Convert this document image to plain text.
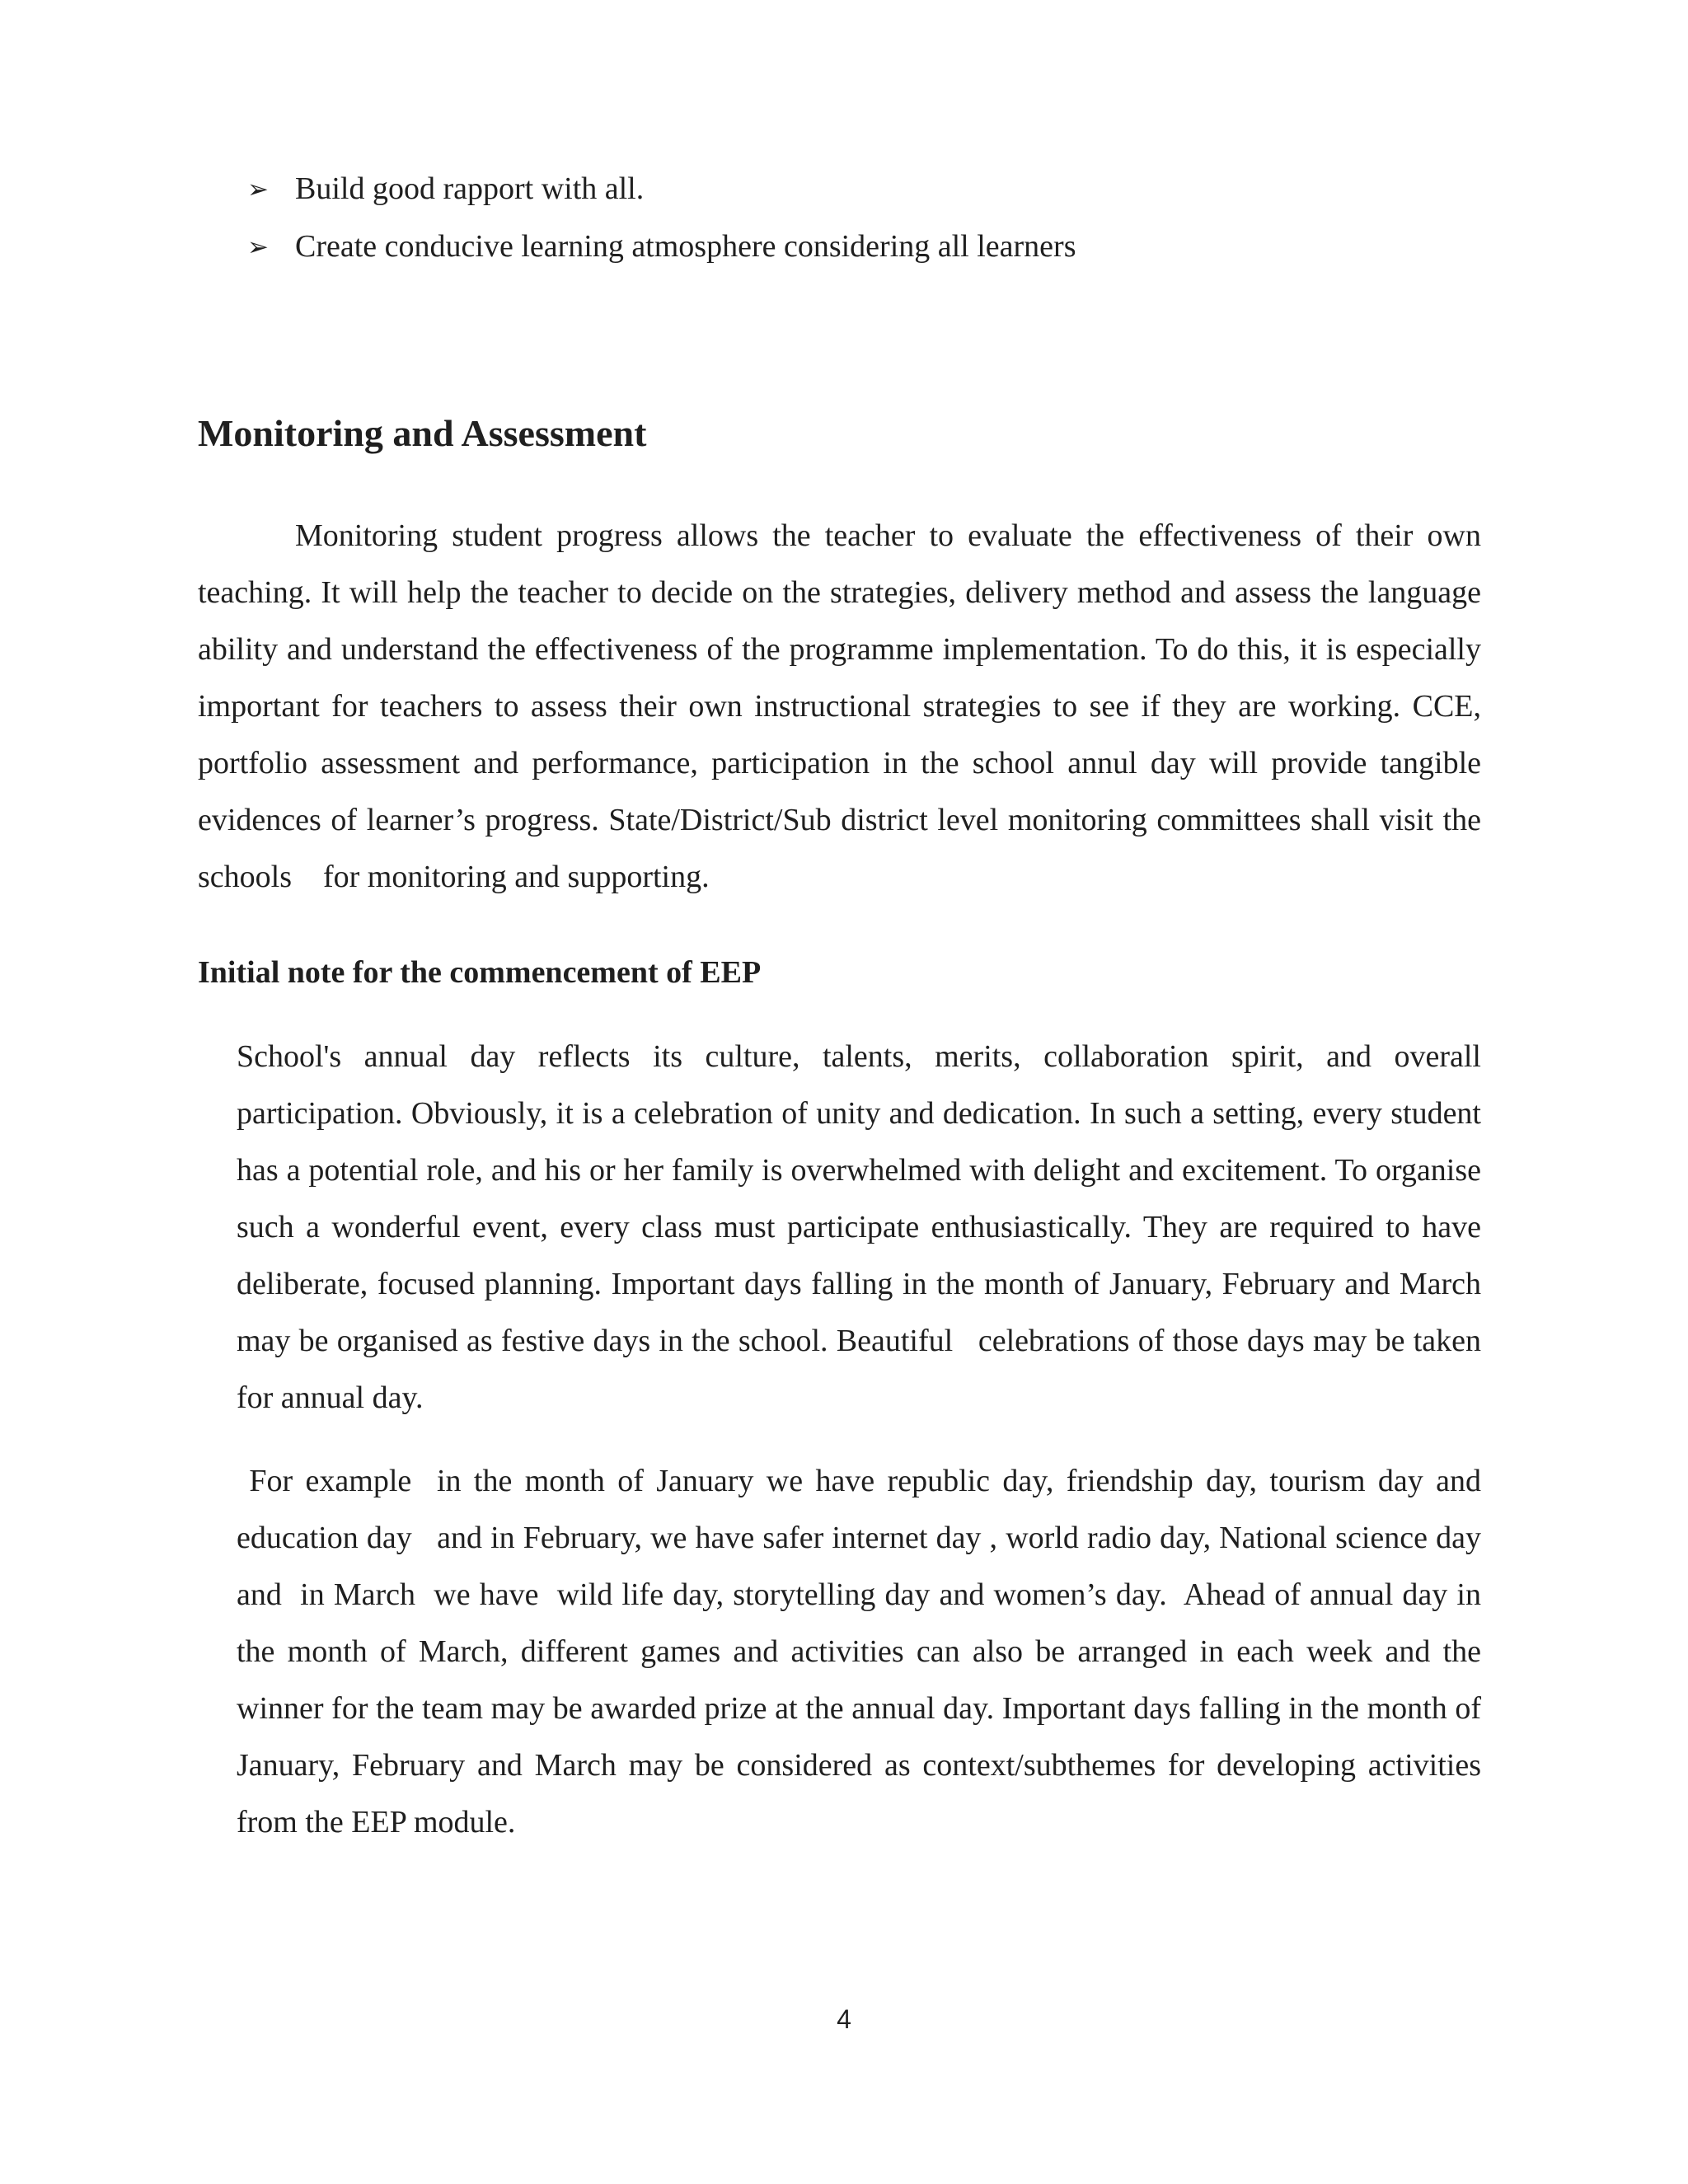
➢ Build good rapport with all.
➢ Create conducive learning atmosphere considering all learners
Monitoring and Assessment

Monitoring student progress allows the teacher to evaluate the effectiveness of their own teaching. It will help the teacher to decide on the strategies, delivery method and assess the language ability and understand the effectiveness of the programme implementation. To do this, it is especially important for teachers to assess their own instructional strategies to see if they are working. CCE, portfolio assessment and performance, participation in the school annul day will provide tangible evidences of learner’s progress. State/District/Sub district level monitoring committees shall visit the schools    for monitoring and supporting.

Initial note for the commencement of EEP

School's annual day reflects its culture, talents, merits, collaboration spirit, and overall participation. Obviously, it is a celebration of unity and dedication. In such a setting, every student has a potential role, and his or her family is overwhelmed with delight and excitement. To organise such a wonderful event, every class must participate enthusiastically. They are required to have deliberate, focused planning. Important days falling in the month of January, February and March may be organised as festive days in the school. Beautiful   celebrations of those days may be taken for annual day.

For example  in the month of January we have republic day, friendship day, tourism day and education day   and in February, we have safer internet day , world radio day, National science day and  in March  we have  wild life day, storytelling day and women’s day.  Ahead of annual day in the month of March, different games and activities can also be arranged in each week and the winner for the team may be awarded prize at the annual day. Important days falling in the month of January, February and March may be considered as context/subthemes for developing activities from the EEP module.

4
